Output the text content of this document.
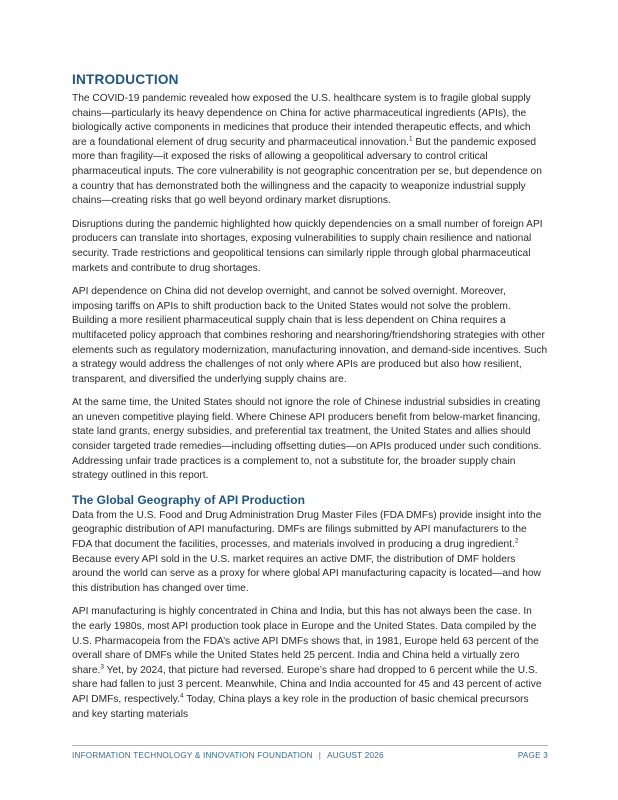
INTRODUCTION

The COVID-19 pandemic revealed how exposed the U.S. healthcare system is to fragile global supply chains—particularly its heavy dependence on China for active pharmaceutical ingredients (APIs), the biologically active components in medicines that produce their intended therapeutic effects, and which are a foundational element of drug security and pharmaceutical innovation.$^1$ But the pandemic exposed more than fragility—it exposed the risks of allowing a geopolitical adversary to control critical pharmaceutical inputs. The core vulnerability is not geographic concentration per se, but dependence on a country that has demonstrated both the willingness and the capacity to weaponize industrial supply chains—creating risks that go well beyond ordinary market disruptions.

Disruptions during the pandemic highlighted how quickly dependencies on a small number of foreign API producers can translate into shortages, exposing vulnerabilities to supply chain resilience and national security. Trade restrictions and geopolitical tensions can similarly ripple through global pharmaceutical markets and contribute to drug shortages.

API dependence on China did not develop overnight, and cannot be solved overnight. Moreover, imposing tariffs on APIs to shift production back to the United States would not solve the problem. Building a more resilient pharmaceutical supply chain that is less dependent on China requires a multifaceted policy approach that combines reshoring and nearshoring/friendshoring strategies with other elements such as regulatory modernization, manufacturing innovation, and demand-side incentives. Such a strategy would address the challenges of not only where APIs are produced but also how resilient, transparent, and diversified the underlying supply chains are.

At the same time, the United States should not ignore the role of Chinese industrial subsidies in creating an uneven competitive playing field. Where Chinese API producers benefit from below-market financing, state land grants, energy subsidies, and preferential tax treatment, the United States and allies should consider targeted trade remedies—including offsetting duties—on APIs produced under such conditions. Addressing unfair trade practices is a complement to, not a substitute for, the broader supply chain strategy outlined in this report.

The Global Geography of API Production

Data from the U.S. Food and Drug Administration Drug Master Files (FDA DMFs) provide insight into the geographic distribution of API manufacturing. DMFs are filings submitted by API manufacturers to the FDA that document the facilities, processes, and materials involved in producing a drug ingredient.$^2$ Because every API sold in the U.S. market requires an active DMF, the distribution of DMF holders around the world can serve as a proxy for where global API manufacturing capacity is located—and how this distribution has changed over time.

API manufacturing is highly concentrated in China and India, but this has not always been the case. In the early 1980s, most API production took place in Europe and the United States. Data compiled by the U.S. Pharmacopeia from the FDA’s active API DMFs shows that, in 1981, Europe held 63 percent of the overall share of DMFs while the United States held 25 percent. India and China held a virtually zero share.$^3$ Yet, by 2024, that picture had reversed. Europe’s share had dropped to 6 percent while the U.S. share had fallen to just 3 percent. Meanwhile, China and India accounted for 45 and 43 percent of active API DMFs, respectively.$^4$ Today, China plays a key role in the production of basic chemical precursors and key starting materials

INFORMATION TECHNOLOGY & INNOVATION FOUNDATION | AUGUST 2026	PAGE 3
